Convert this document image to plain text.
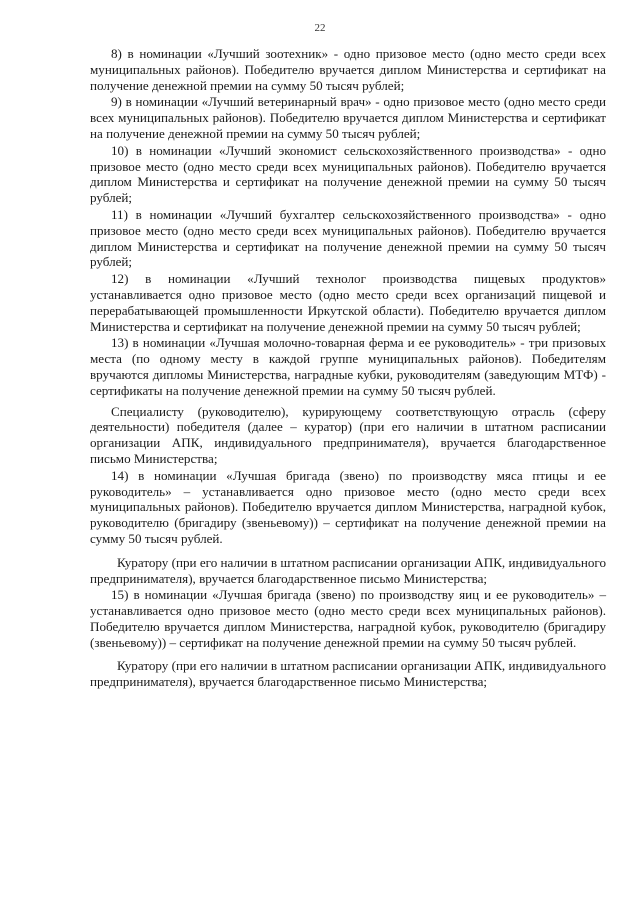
22

8) в номинации «Лучший зоотехник» - одно призовое место (одно место среди всех муниципальных районов). Победителю вручается диплом Министерства и сертификат на получение денежной премии на сумму 50 тысяч рублей;

9) в номинации «Лучший ветеринарный врач» - одно призовое место (одно место среди всех муниципальных районов). Победителю вручается диплом Министерства и сертификат на получение денежной премии на сумму 50 тысяч рублей;

10) в номинации «Лучший экономист сельскохозяйственного производства» - одно призовое место (одно место среди всех муниципальных районов). Победителю вручается диплом Министерства и сертификат на получение денежной премии на сумму 50 тысяч рублей;

11) в номинации «Лучший бухгалтер сельскохозяйственного производства» - одно призовое место (одно место среди всех муниципальных районов). Победителю вручается диплом Министерства и сертификат на получение денежной премии на сумму 50 тысяч рублей;

12) в номинации «Лучший технолог производства пищевых продуктов» устанавливается одно призовое место (одно место среди всех организаций пищевой и перерабатывающей промышленности Иркутской области). Победителю вручается диплом Министерства и сертификат на получение денежной премии на сумму 50 тысяч рублей;

13) в номинации «Лучшая молочно-товарная ферма и ее руководитель» - три призовых места (по одному месту в каждой группе муниципальных районов). Победителям вручаются дипломы Министерства, наградные кубки, руководителям (заведующим МТФ) - сертификаты на получение денежной премии на сумму 50 тысяч рублей.

Специалисту (руководителю), курирующему соответствующую отрасль (сферу деятельности) победителя (далее – куратор) (при его наличии в штатном расписании организации АПК, индивидуального предпринимателя), вручается благодарственное письмо Министерства;

14) в номинации «Лучшая бригада (звено) по производству мяса птицы и ее руководитель» – устанавливается одно призовое место (одно место среди всех муниципальных районов). Победителю вручается диплом Министерства, наградной кубок, руководителю (бригадиру (звеньевому)) – сертификат на получение денежной премии на сумму 50 тысяч рублей.

Куратору (при его наличии в штатном расписании организации АПК, индивидуального предпринимателя), вручается благодарственное письмо Министерства;

15) в номинации «Лучшая бригада (звено) по производству яиц и ее руководитель» – устанавливается одно призовое место (одно место среди всех муниципальных районов). Победителю вручается диплом Министерства, наградной кубок, руководителю (бригадиру (звеньевому)) – сертификат на получение денежной премии на сумму 50 тысяч рублей.

Куратору (при его наличии в штатном расписании организации АПК, индивидуального предпринимателя), вручается благодарственное письмо Министерства;
